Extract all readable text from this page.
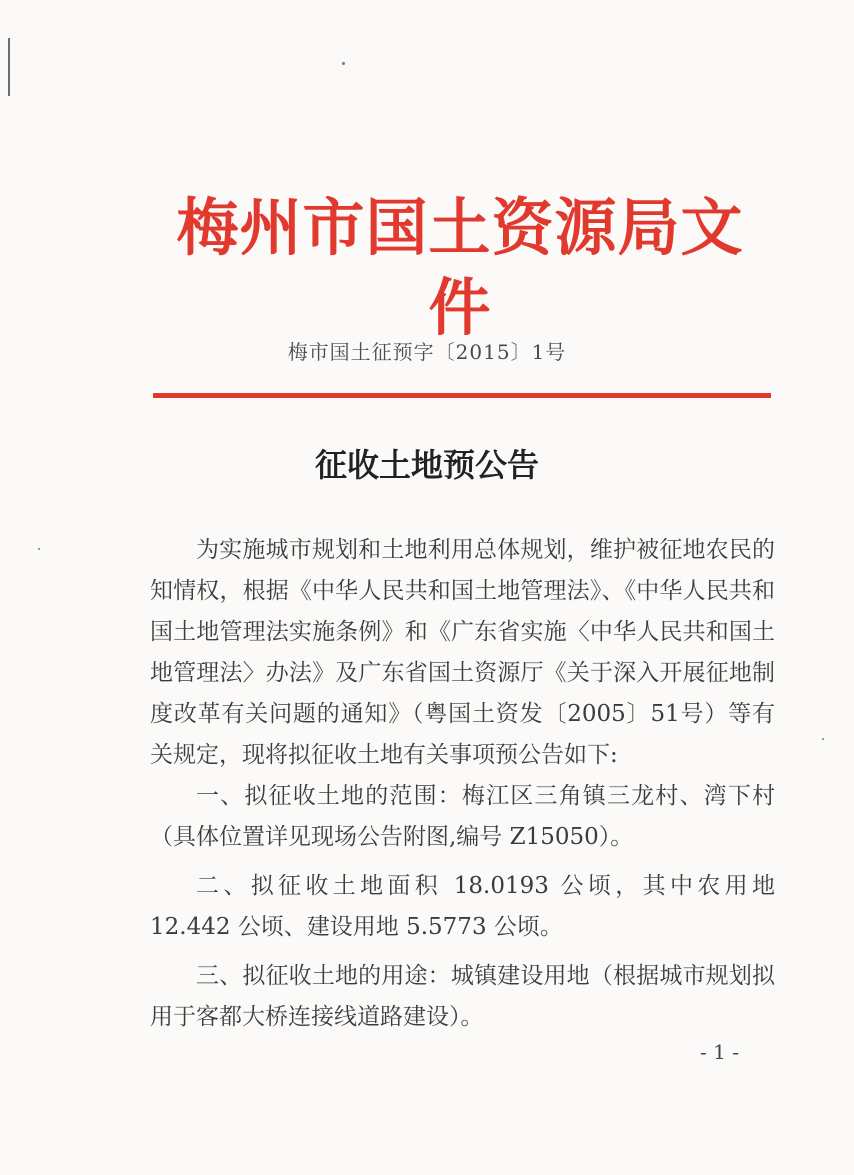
梅州市国土资源局文件
梅市国土征预字〔2015〕1号
征收土地预公告

为实施城市规划和土地利用总体规划，维护被征地农民的知情权，根据《中华人民共和国土地管理法》、《中华人民共和国土地管理法实施条例》和《广东省实施〈中华人民共和国土地管理法〉办法》及广东省国土资源厅《关于深入开展征地制度改革有关问题的通知》（粤国土资发〔2005〕51号）等有关规定，现将拟征收土地有关事项预公告如下:

一、拟征收土地的范围：梅江区三角镇三龙村、湾下村（具体位置详见现场公告附图,编号 Z15050）。

二、拟征收土地面积 18.0193 公顷，其中农用地 12.442 公顷、建设用地 5.5773 公顷。

三、拟征收土地的用途：城镇建设用地（根据城市规划拟用于客都大桥连接线道路建设）。

- 1 -
